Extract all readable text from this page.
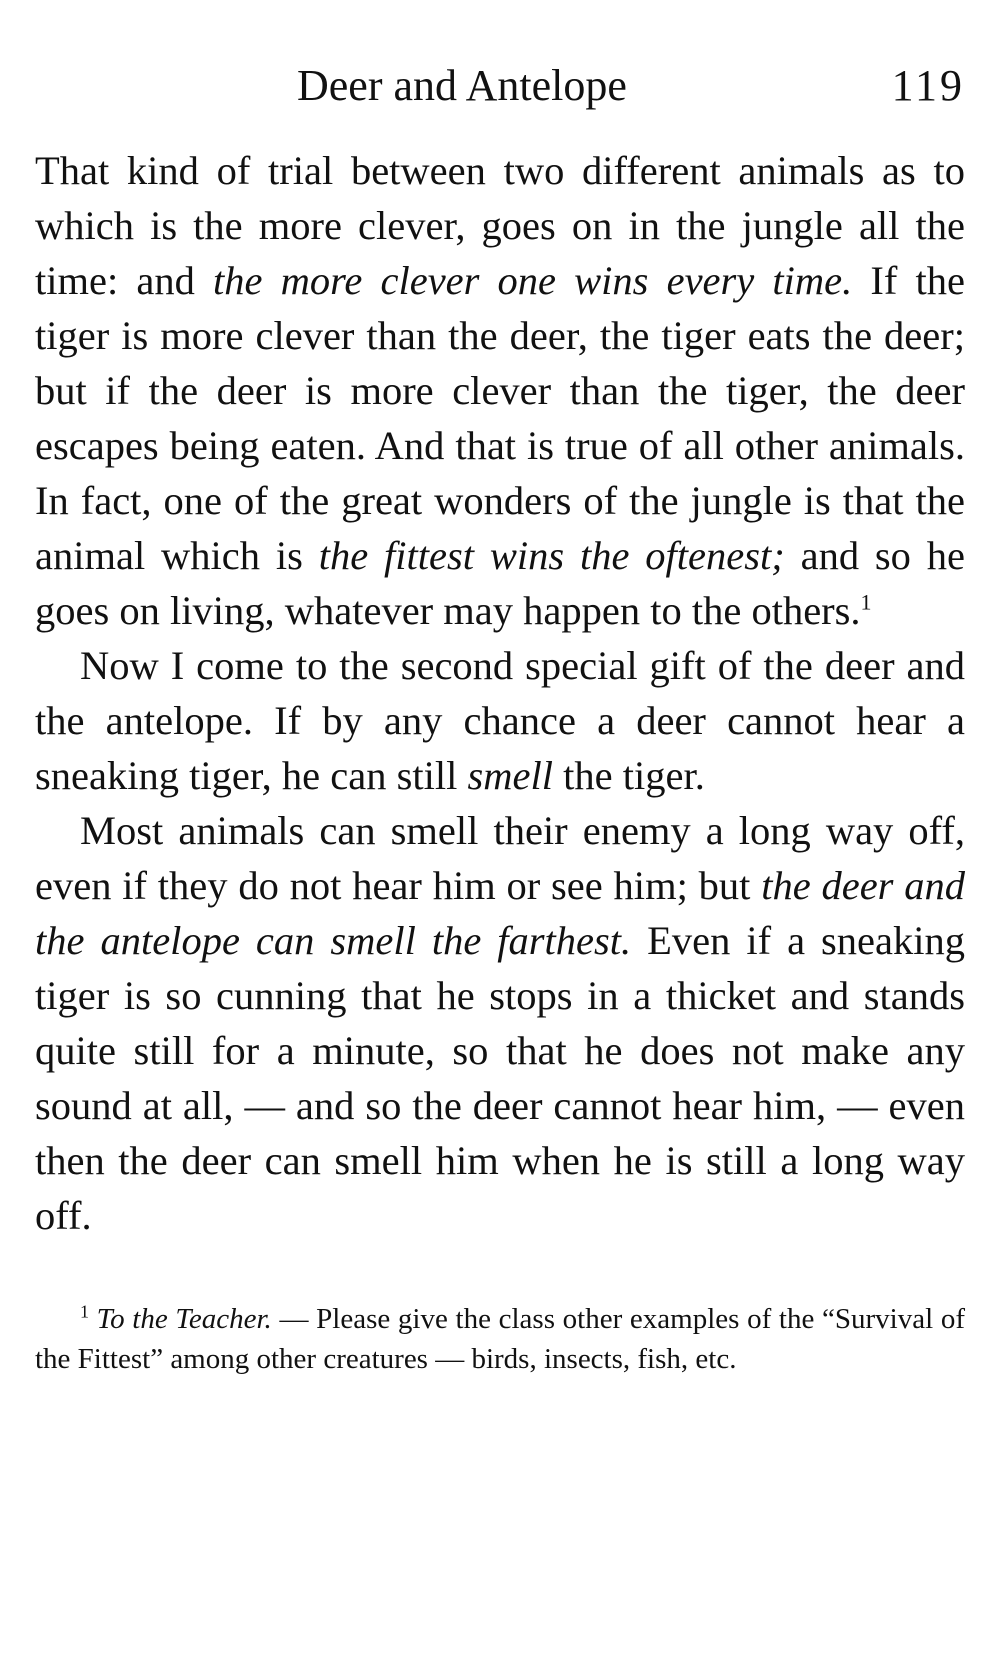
Deer and Antelope	119

That kind of trial between two different animals as to which is the more clever, goes on in the jungle all the time: and the more clever one wins every time. If the tiger is more clever than the deer, the tiger eats the deer; but if the deer is more clever than the tiger, the deer escapes being eaten. And that is true of all other animals. In fact, one of the great wonders of the jungle is that the animal which is the fittest wins the oftenest; and so he goes on living, whatever may happen to the others.$^1$

Now I come to the second special gift of the deer and the antelope. If by any chance a deer cannot hear a sneaking tiger, he can still smell the tiger.

Most animals can smell their enemy a long way off, even if they do not hear him or see him; but the deer and the antelope can smell the farthest. Even if a sneaking tiger is so cunning that he stops in a thicket and stands quite still for a minute, so that he does not make any sound at all, — and so the deer cannot hear him, — even then the deer can smell him when he is still a long way off.

$^1$ To the Teacher. — Please give the class other examples of the “Survival of the Fittest” among other creatures — birds, insects, fish, etc.
